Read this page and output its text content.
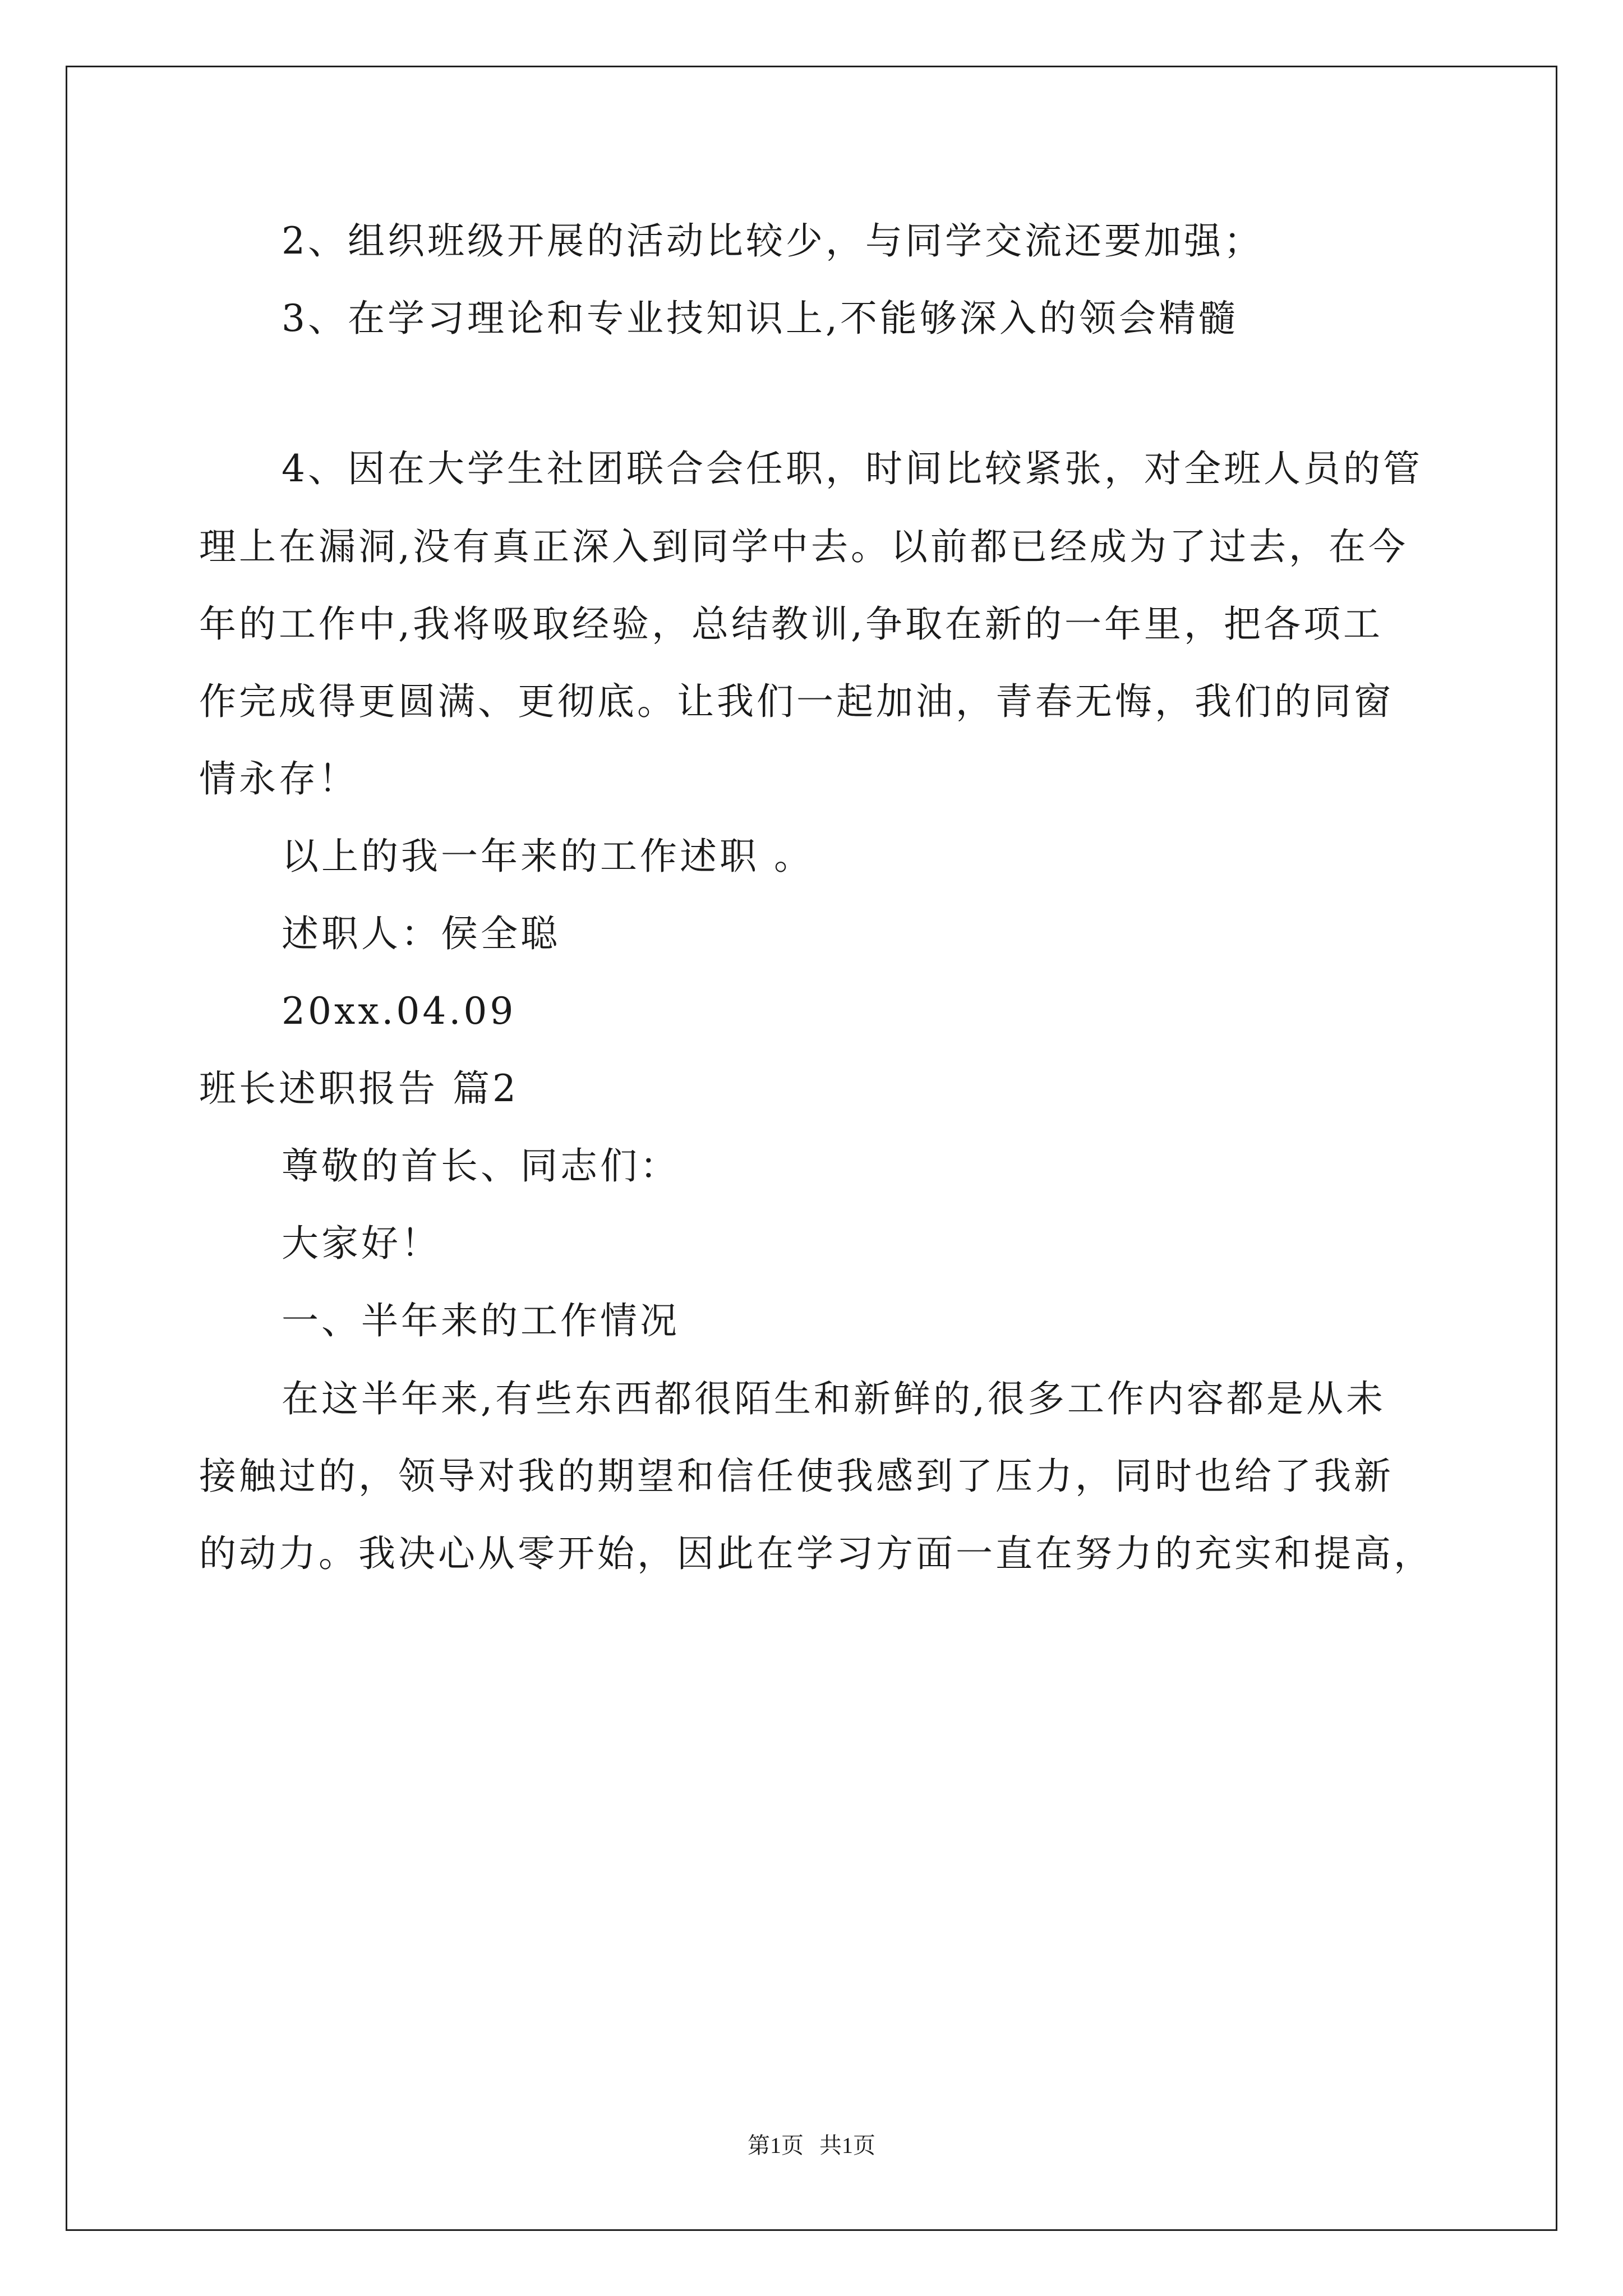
2、组织班级开展的活动比较少，与同学交流还要加强；
3、在学习理论和专业技知识上,不能够深入的领会精髓
4、因在大学生社团联合会任职，时间比较紧张，对全班人员的管
理上在漏洞,没有真正深入到同学中去。以前都已经成为了过去，在今
年的工作中,我将吸取经验，总结教训,争取在新的一年里，把各项工
作完成得更圆满、更彻底。让我们一起加油，青春无悔，我们的同窗
情永存！
以上的我一年来的工作述职 。
述职人：侯全聪
20xx.04.09
班长述职报告 篇2
尊敬的首长、同志们：
大家好！
一、半年来的工作情况
在这半年来,有些东西都很陌生和新鲜的,很多工作内容都是从未
接触过的，领导对我的期望和信任使我感到了压力，同时也给了我新
的动力。我决心从零开始，因此在学习方面一直在努力的充实和提高，
第1页 共1页
